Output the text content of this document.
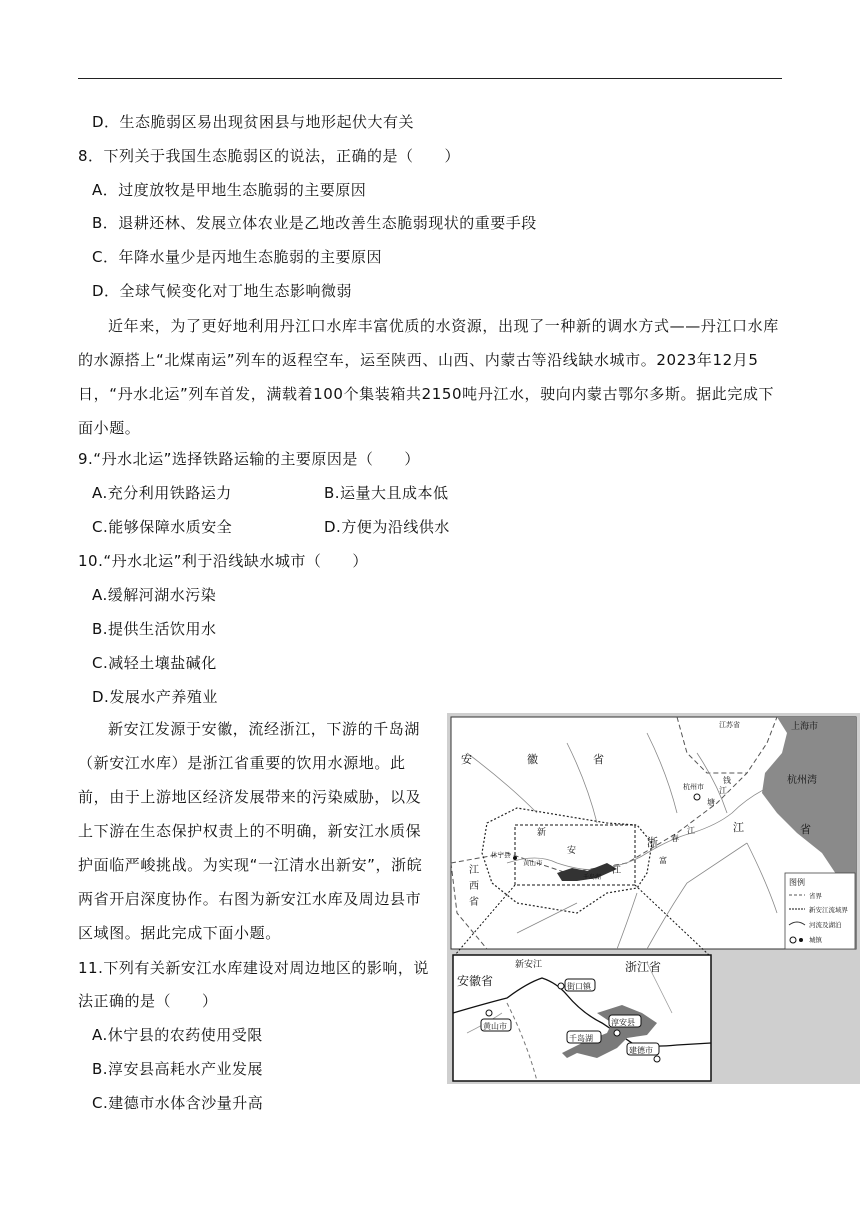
D．生态脆弱区易出现贫困县与地形起伏大有关
8．下列关于我国生态脆弱区的说法，正确的是（　　）
A．过度放牧是甲地生态脆弱的主要原因
B．退耕还林、发展立体农业是乙地改善生态脆弱现状的重要手段
C．年降水量少是丙地生态脆弱的主要原因
D．全球气候变化对丁地生态影响微弱
近年来，为了更好地利用丹江口水库丰富优质的水资源，出现了一种新的调水方式——丹江口水库的水源搭上“北煤南运”列车的返程空车，运至陕西、山西、内蒙古等沿线缺水城市。2023年12月5日，“丹水北运”列车首发，满载着100个集装箱共2150吨丹江水，驶向内蒙古鄂尔多斯。据此完成下面小题。
9.“丹水北运”选择铁路运输的主要原因是（　　）
A.充分利用铁路运力	B.运量大且成本低
C.能够保障水质安全	D.方便为沿线供水
10.“丹水北运”利于沿线缺水城市（　　）
A.缓解河湖水污染
B.提供生活饮用水
C.减轻土壤盐碱化
D.发展水产养殖业
新安江发源于安徽，流经浙江，下游的千岛湖（新安江水库）是浙江省重要的饮用水源地。此前，由于上游地区经济发展带来的污染威胁，以及上下游在生态保护权责上的不明确，新安江水质保护面临严峻挑战。为实现“一江清水出新安”，浙皖两省开启深度协作。右图为新安江水库及周边县市区域图。据此完成下面小题。
11.下列有关新安江水库建设对周边地区的影响，说
法正确的是（　　）
A.休宁县的农药使用受限
B.淳安县高耗水产业发展
C.建德市水体含沙量升高
图例
省界
新安江流域界
河流及湖泊
城镇
安	徽	省
浙
江	省
江
西
省
江苏省	上海市
杭州湾
杭州市
钱
塘
江
富
春
江
新
安
江
休宁县
黄山市
千岛湖
新安江	浙江省
安徽省	街口镇
黄山市	淳安县
建德市
千岛湖
